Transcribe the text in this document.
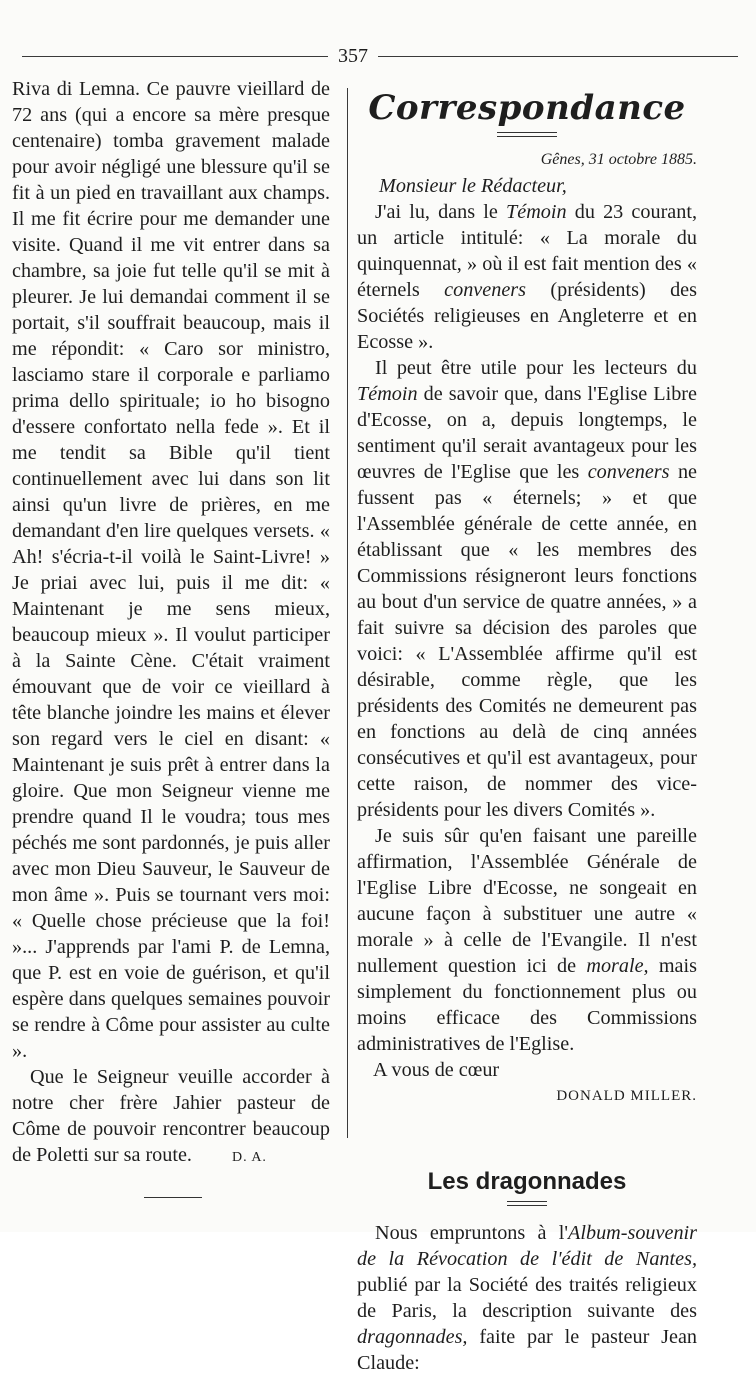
357

Riva di Lemna. Ce pauvre vieillard de 72 ans (qui a encore sa mère presque centenaire) tomba gravement malade pour avoir négligé une blessure qu'il se fit à un pied en travaillant aux champs. Il me fit écrire pour me demander une visite. Quand il me vit entrer dans sa chambre, sa joie fut telle qu'il se mit à pleurer. Je lui demandai comment il se portait, s'il souffrait beaucoup, mais il me répondit: « Caro sor ministro, lasciamo stare il corporale e parliamo prima dello spirituale; io ho bisogno d'essere confortato nella fede ». Et il me tendit sa Bible qu'il tient continuellement avec lui dans son lit ainsi qu'un livre de prières, en me demandant d'en lire quelques versets. « Ah! s'écria-t-il voilà le Saint-Livre! » Je priai avec lui, puis il me dit: « Maintenant je me sens mieux, beaucoup mieux ». Il voulut participer à la Sainte Cène. C'était vraiment émouvant que de voir ce vieillard à tête blanche joindre les mains et élever son regard vers le ciel en disant: « Maintenant je suis prêt à entrer dans la gloire. Que mon Seigneur vienne me prendre quand Il le voudra; tous mes péchés me sont pardonnés, je puis aller avec mon Dieu Sauveur, le Sauveur de mon âme ». Puis se tournant vers moi: « Quelle chose précieuse que la foi! »... J'apprends par l'ami P. de Lemna, que P. est en voie de guérison, et qu'il espère dans quelques semaines pouvoir se rendre à Côme pour assister au culte ».

Que le Seigneur veuille accorder à notre cher frère Jahier pasteur de Côme de pouvoir rencontrer beaucoup de Poletti sur sa route.	D. A.

Correspondance

Gênes, 31 octobre 1885.

Monsieur le Rédacteur,

J'ai lu, dans le Témoin du 23 courant, un article intitulé: « La morale du quinquennat, » où il est fait mention des « éternels conveners (présidents) des Sociétés religieuses en Angleterre et en Ecosse ».

Il peut être utile pour les lecteurs du Témoin de savoir que, dans l'Eglise Libre d'Ecosse, on a, depuis longtemps, le sentiment qu'il serait avantageux pour les œuvres de l'Eglise que les conveners ne fussent pas « éternels; » et que l'Assemblée générale de cette année, en établissant que « les membres des Commissions résigneront leurs fonctions au bout d'un service de quatre années, » a fait suivre sa décision des paroles que voici: « L'Assemblée affirme qu'il est désirable, comme règle, que les présidents des Comités ne demeurent pas en fonctions au delà de cinq années consécutives et qu'il est avantageux, pour cette raison, de nommer des vice-présidents pour les divers Comités ».

Je suis sûr qu'en faisant une pareille affirmation, l'Assemblée Générale de l'Eglise Libre d'Ecosse, ne songeait en aucune façon à substituer une autre « morale » à celle de l'Evangile. Il n'est nullement question ici de morale, mais simplement du fonctionnement plus ou moins efficace des Commissions administratives de l'Eglise.

A vous de cœur

DONALD MILLER.

Les dragonnades

Nous empruntons à l'Album-souvenir de la Révocation de l'édit de Nantes, publié par la Société des traités religieux de Paris, la description suivante des dragonnades, faite par le pasteur Jean Claude:
